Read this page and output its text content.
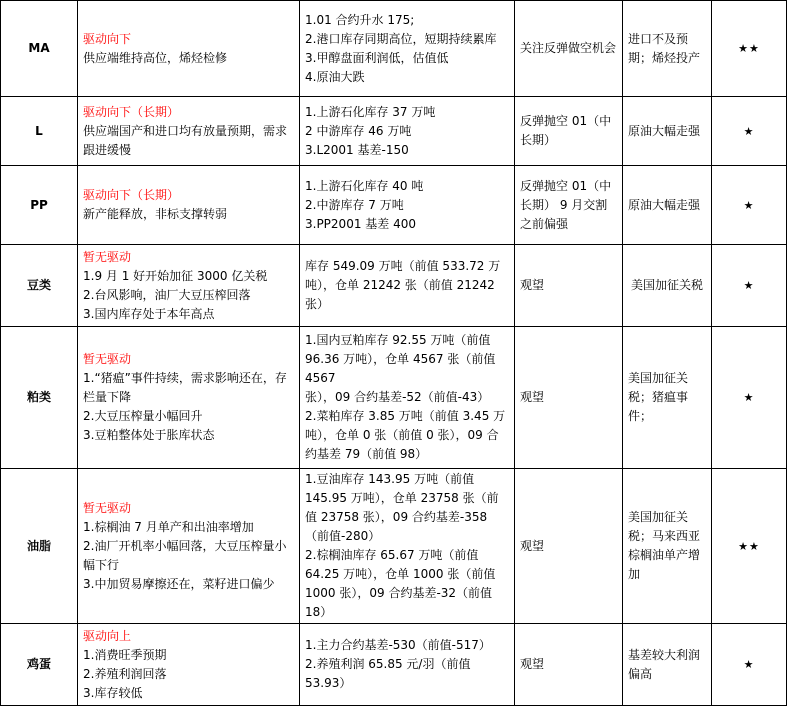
MA	驱动向下
供应端维持高位，烯烃检修	1.01 合约升水 175;
2.港口库存同期高位，短期持续累库
3.甲醇盘面利润低，估值低
4.原油大跌	关注反弹做空机会	进口不及预期；烯烃投产	★★
L	驱动向下（长期）
供应端国产和进口均有放量预期，需求跟进缓慢	1.上游石化库存 37 万吨
2 中游库存 46 万吨
3.L2001 基差-150	反弹抛空 01（中长期）	原油大幅走强	★
PP	驱动向下（长期）
新产能释放，非标支撑转弱	1.上游石化库存 40 吨
2.中游库存 7 万吨
3.PP2001 基差 400	反弹抛空 01（中长期） 9 月交割之前偏强	原油大幅走强	★
豆类	暂无驱动
1.9 月 1 好开始加征 3000 亿关税
2.台风影响，油厂大豆压榨回落
3.国内库存处于本年高点	库存 549.09 万吨（前值 533.72 万吨），仓单 21242 张（前值 21242 张）	观望	美国加征关税	★
粕类	暂无驱动
1.“猪瘟”事件持续，需求影响还在，存栏量下降
2.大豆压榨量小幅回升
3.豆粕整体处于胀库状态	1.国内豆粕库存 92.55 万吨（前值 96.36 万吨），仓单 4567 张（前值 4567
张），09 合约基差-52（前值-43）
2.菜粕库存 3.85 万吨（前值 3.45 万吨），仓单 0 张（前值 0 张），09 合约基差 79（前值 98）	观望	美国加征关税；猪瘟事件；	★
油脂	暂无驱动
1.棕榈油 7 月单产和出油率增加
2.油厂开机率小幅回落，大豆压榨量小幅下行
3.中加贸易摩擦还在，菜籽进口偏少	1.豆油库存 143.95 万吨（前值 145.95 万吨），仓单 23758 张（前值 23758 张），09 合约基差-358（前值-280）
2.棕榈油库存 65.67 万吨（前值 64.25 万吨），仓单 1000 张（前值 1000 张），09 合约基差-32（前值 18）	观望	美国加征关税；马来西亚棕榈油单产增加	★★
鸡蛋	驱动向上
1.消费旺季预期
2.养殖利润回落
3.库存较低	1.主力合约基差-530（前值-517）
2.养殖利润 65.85 元/羽（前值 53.93）	观望	基差较大利润偏高	★
